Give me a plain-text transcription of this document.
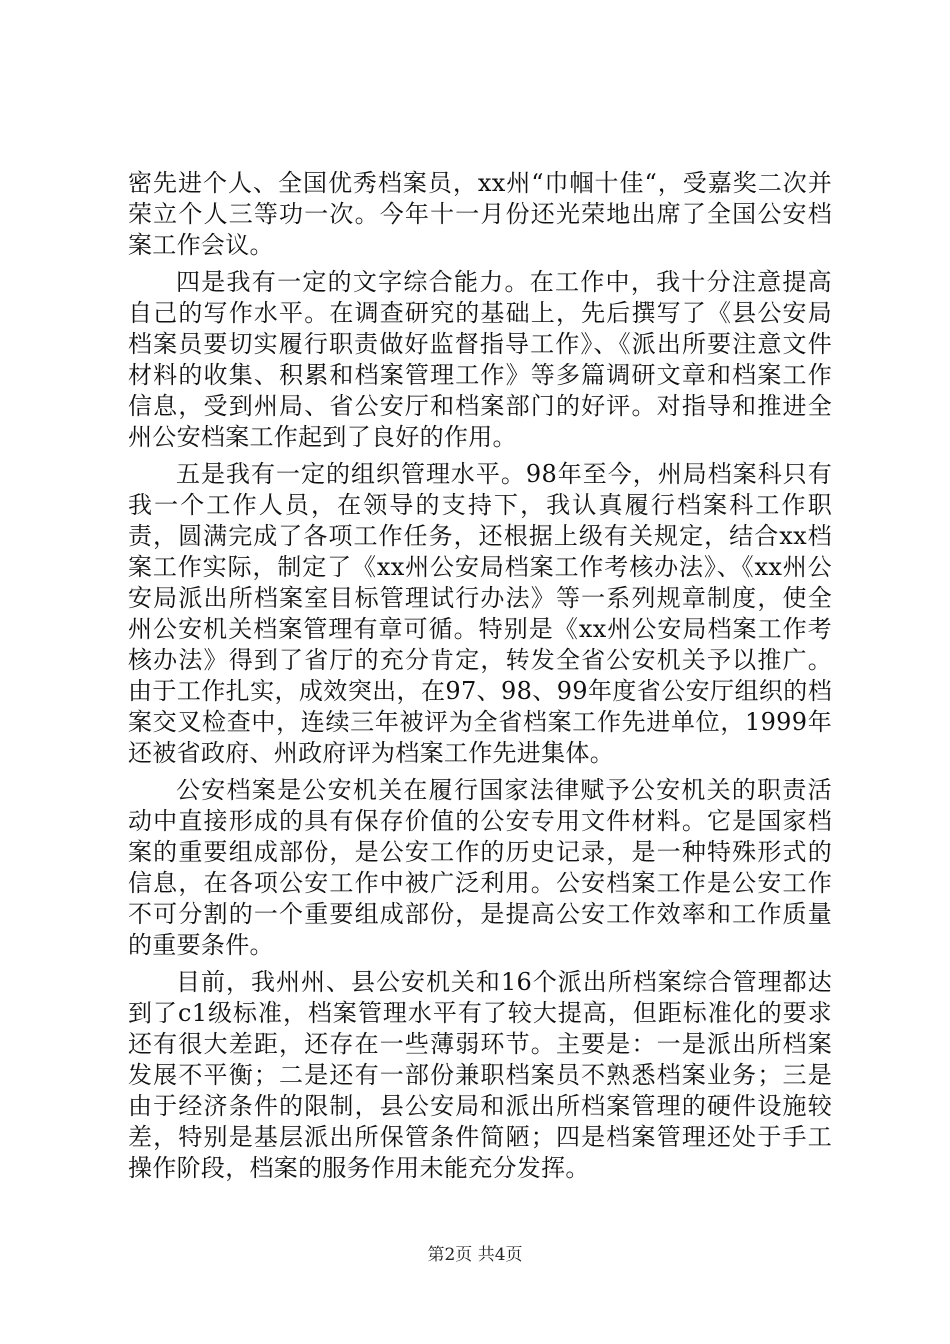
密先进个人、全国优秀档案员，xx州“巾帼十佳“，受嘉奖二次并荣立个人三等功一次。今年十一月份还光荣地出席了全国公安档案工作会议。

四是我有一定的文字综合能力。在工作中，我十分注意提高自己的写作水平。在调查研究的基础上，先后撰写了《县公安局档案员要切实履行职责做好监督指导工作》、《派出所要注意文件材料的收集、积累和档案管理工作》等多篇调研文章和档案工作信息，受到州局、省公安厅和档案部门的好评。对指导和推进全州公安档案工作起到了良好的作用。

五是我有一定的组织管理水平。98年至今，州局档案科只有我一个工作人员，在领导的支持下，我认真履行档案科工作职责，圆满完成了各项工作任务，还根据上级有关规定，结合xx档案工作实际，制定了《xx州公安局档案工作考核办法》、《xx州公安局派出所档案室目标管理试行办法》等一系列规章制度，使全州公安机关档案管理有章可循。特别是《xx州公安局档案工作考核办法》得到了省厅的充分肯定，转发全省公安机关予以推广。由于工作扎实，成效突出，在97、98、99年度省公安厅组织的档案交叉检查中，连续三年被评为全省档案工作先进单位，1999年还被省政府、州政府评为档案工作先进集体。

公安档案是公安机关在履行国家法律赋予公安机关的职责活动中直接形成的具有保存价值的公安专用文件材料。它是国家档案的重要组成部份，是公安工作的历史记录，是一种特殊形式的信息，在各项公安工作中被广泛利用。公安档案工作是公安工作不可分割的一个重要组成部份，是提高公安工作效率和工作质量的重要条件。

目前，我州州、县公安机关和16个派出所档案综合管理都达到了c1级标准，档案管理水平有了较大提高，但距标准化的要求还有很大差距，还存在一些薄弱环节。主要是：一是派出所档案发展不平衡；二是还有一部份兼职档案员不熟悉档案业务；三是由于经济条件的限制，县公安局和派出所档案管理的硬件设施较差，特别是基层派出所保管条件简陋；四是档案管理还处于手工操作阶段，档案的服务作用未能充分发挥。

第2页 共4页
